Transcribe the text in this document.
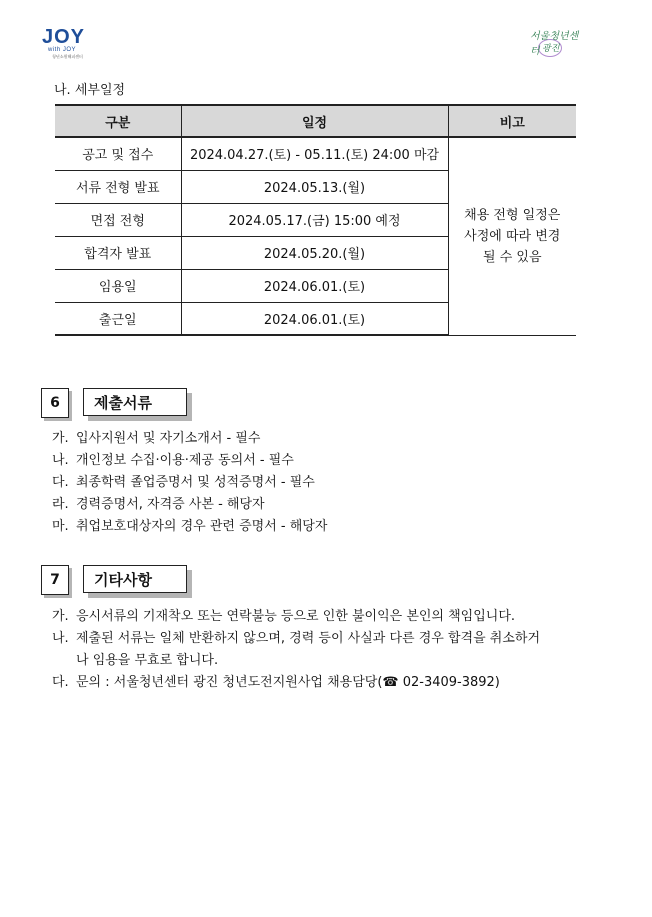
JOY
with JOY
청년소원해피센터
서울청년센터 광진
나. 세부일정
구분	일정	비고
공고 및 접수	2024.04.27.(토) - 05.11.(토) 24:00 마감	채용 전형 일정은
사정에 따라 변경
될 수 있음

서류 전형 발표	2024.05.13.(월)	
면접 전형	2024.05.17.(금) 15:00 예정	
합격자 발표	2024.05.20.(월)	
임용일	2024.06.01.(토)	
출근일	2024.06.01.(토)	
6	제출서류
가. 입사지원서 및 자기소개서 - 필수
나. 개인정보 수집·이용·제공 동의서 - 필수
다. 최종학력 졸업증명서 및 성적증명서 - 필수
라. 경력증명서, 자격증 사본 - 해당자
마. 취업보호대상자의 경우 관련 증명서 - 해당자
7	기타사항
가. 응시서류의 기재착오 또는 연락불능 등으로 인한 불이익은 본인의 책임입니다.
나. 제출된 서류는 일체 반환하지 않으며, 경력 등이 사실과 다른 경우 합격을 취소하거
나 임용을 무효로 합니다.
다. 문의 : 서울청년센터 광진 청년도전지원사업 채용담당(☎ 02-3409-3892)
